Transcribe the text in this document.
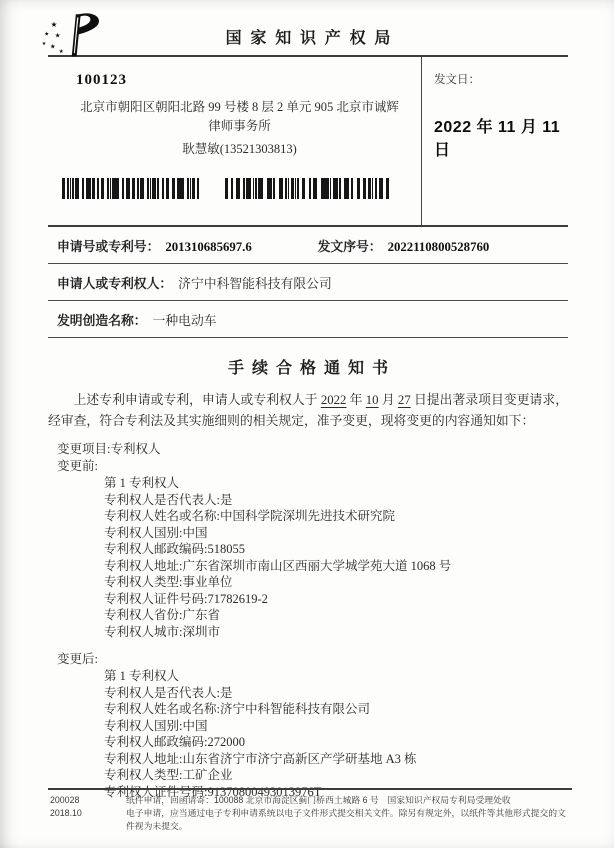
★
★ ★
★ ★
★
国家知识产权局
100123
北京市朝阳区朝阳北路 99 号楼 8 层 2 单元 905 北京市诚辉律师事务所
耿慧敏(13521303813)
发文日：
2022 年 11 月 11 日
申请号或专利号： 201310685697.6	发文序号： 2022110800528760
申请人或专利权人： 济宁中科智能科技有限公司
发明创造名称： 一种电动车
手续合格通知书

上述专利申请或专利，申请人或专利权人于 2022 年 10 月 27 日提出著录项目变更请求，经审查，符合专利法及其实施细则的相关规定，准予变更，现将变更的内容通知如下：

变更项目:专利权人
变更前:
第 1 专利权人
专利权人是否代表人:是
专利权人姓名或名称:中国科学院深圳先进技术研究院
专利权人国别:中国
专利权人邮政编码:518055
专利权人地址:广东省深圳市南山区西丽大学城学苑大道 1068 号
专利权人类型:事业单位
专利权人证件号码:71782619-2
专利权人省份:广东省
专利权人城市:深圳市
变更后:
第 1 专利权人
专利权人是否代表人:是
专利权人姓名或名称:济宁中科智能科技有限公司
专利权人国别:中国
专利权人邮政编码:272000
专利权人地址:山东省济宁市济宁高新区产学研基地 A3 栋
专利权人类型:工矿企业
专利权人证件号码:91370800493013976T
200028
2018.10
纸件申请，回函请寄：100088 北京市海淀区蓟门桥西土城路 6 号　国家知识产权局专利局受理处收
电子申请，应当通过电子专利申请系统以电子文件形式提交相关文件。除另有规定外，以纸件等其他形式提交的文件视为未提交。
